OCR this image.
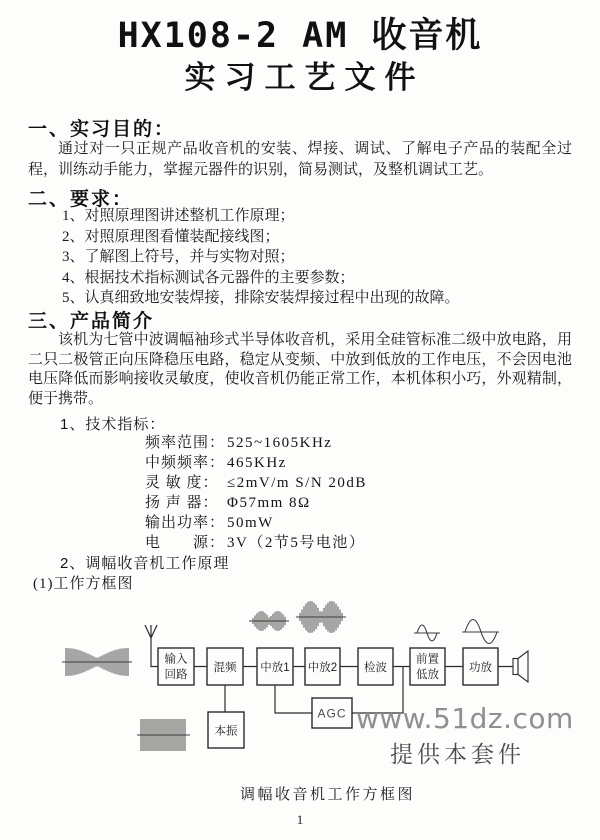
HX108-2 AM 收音机
实习工艺文件
一、实习目的：
通过对一只正规产品收音机的安装、焊接、调试、了解电子产品的装配全过程，训练动手能力，掌握元器件的识别，简易测试，及整机调试工艺。
二、要求：
1、对照原理图讲述整机工作原理；
2、对照原理图看懂装配接线图；
3、了解图上符号，并与实物对照；
4、根据技术指标测试各元器件的主要参数；
5、认真细致地安装焊接，排除安装焊接过程中出现的故障。
三、产品简介
该机为七管中波调幅袖珍式半导体收音机，采用全硅管标准二级中放电路，用二只二极管正向压降稳压电路，稳定从变频、中放到低放的工作电压，不会因电池电压降低而影响接收灵敏度，使收音机仍能正常工作，本机体积小巧，外观精制，便于携带。
1、技术指标：
频率范围： 525~1605KHz
中频频率： 465KHz
灵 敏 度： ≤2mV/m S/N 20dB
扬 声 器： Φ57mm 8Ω
输出功率： 50mW
电　　源： 3V（2节5号电池）
2、调幅收音机工作原理
(1)工作方框图
输入
回路
混频 中放1 中放2 检波
前置
低放
功放
本振
AGC www.51dz.com
提供本套件
调幅收音机工作方框图
1
